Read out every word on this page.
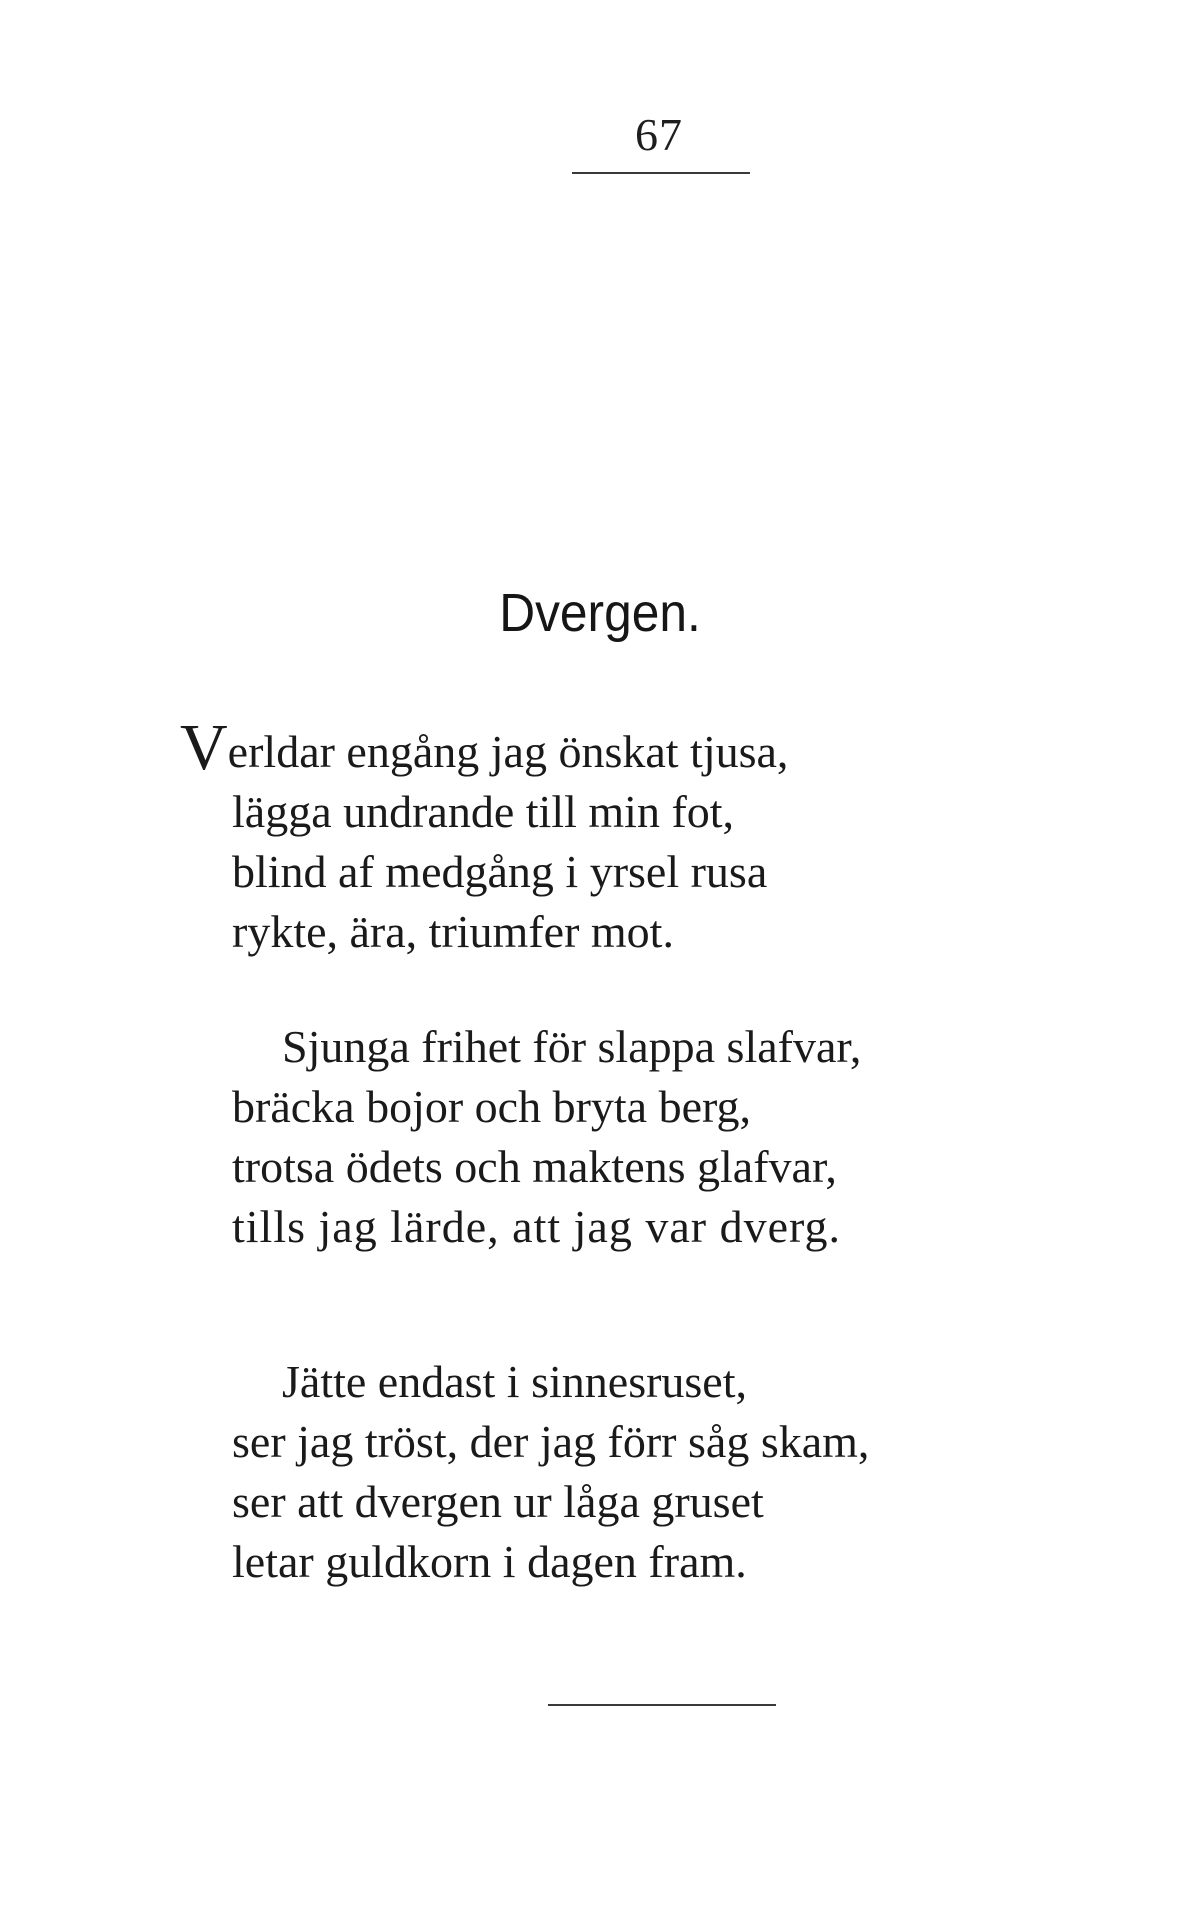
67
Dvergen.
Verldar engång jag önskat tjusa,
lägga undrande till min fot,
blind af medgång i yrsel rusa
rykte, ära, triumfer mot.
Sjunga frihet för slappa slafvar,
bräcka bojor och bryta berg,
trotsa ödets och maktens glafvar,
tills jag lärde, att jag var dverg.
Jätte endast i sinnesruset,
ser jag tröst, der jag förr såg skam,
ser att dvergen ur låga gruset
letar guldkorn i dagen fram.
